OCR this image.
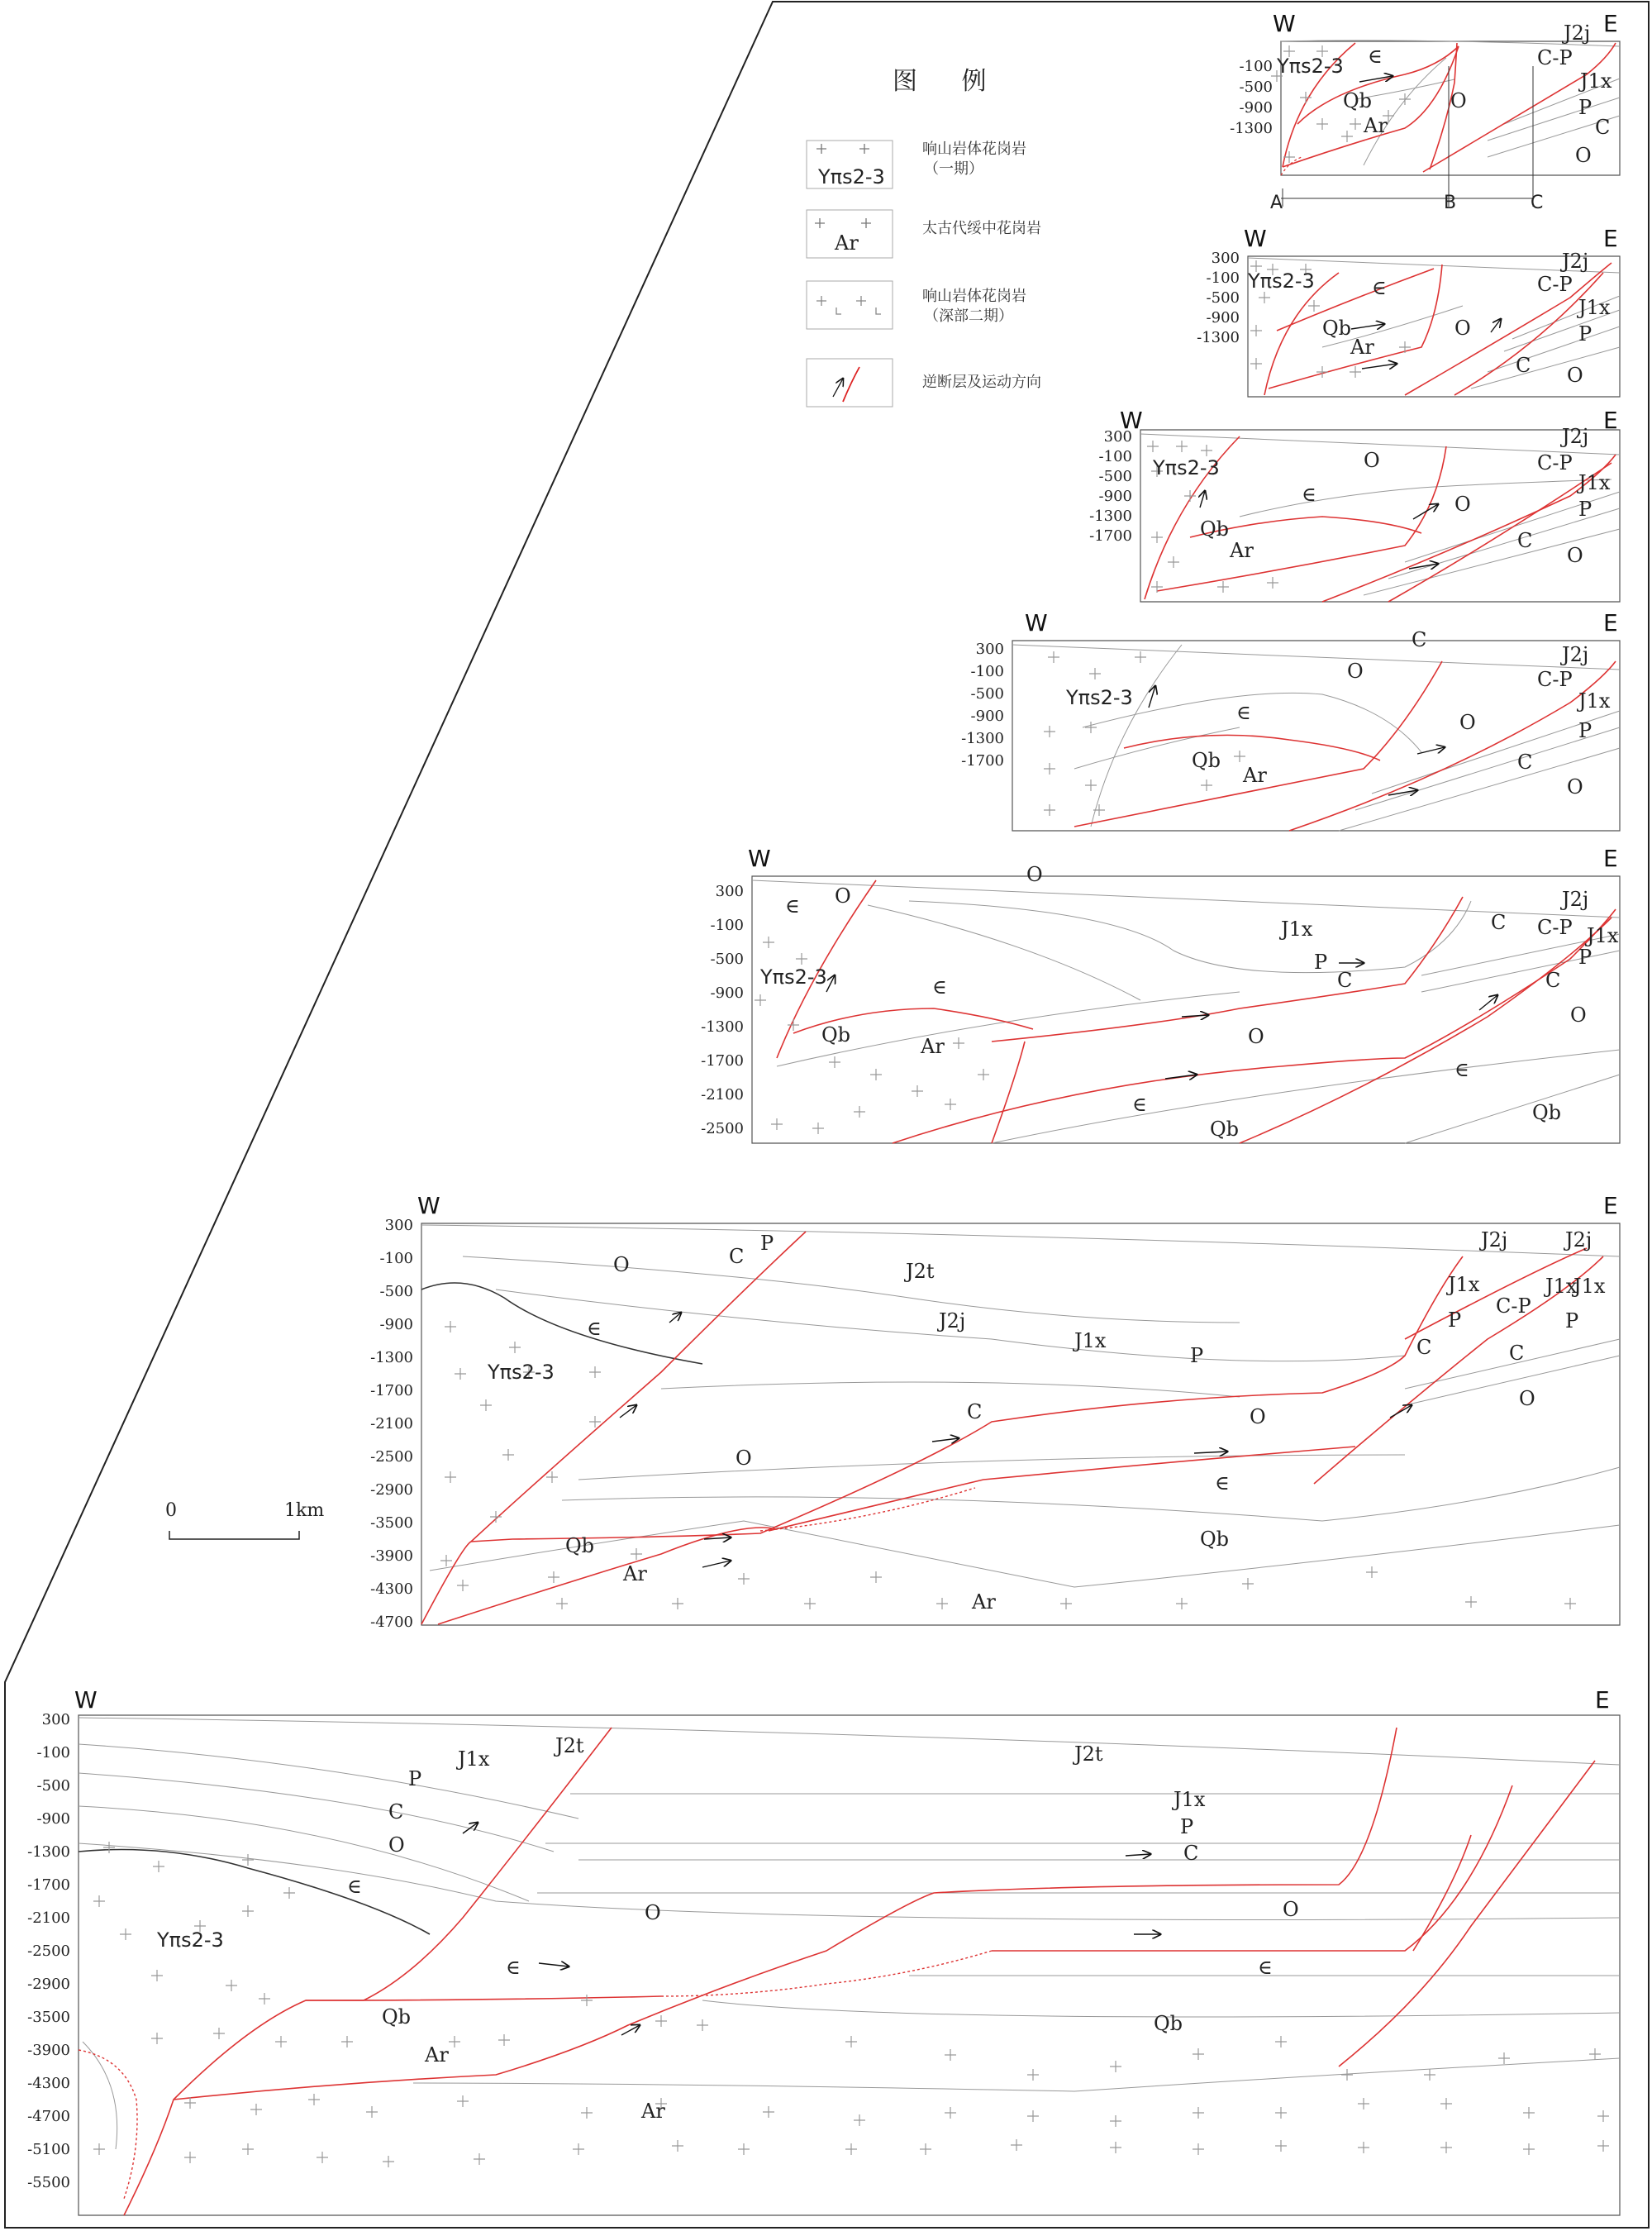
图 例
Yπs2-3
响山岩体花岗岩
（一期）
Ar
太古代绥中花岗岩
响山岩体花岗岩
（深部二期）
逆断层及运动方向
0	1km
-100
-500
-900
-1300
300
-100
-500
-900
-1300
300
-100
-500
-900
-1300
-1700
300
-100
-500
-900
-1300
-1700
300
-100
-500
-900
-1300
-1700
-2100
-2500
300
-100
-500
-900
-1300
-1700
-2100
-2500
-2900
-3500
-3900
-4300
-4700
300
-100
-500
-900
-1300
-1700
-2100
-2500
-2900
-3500
-3900
-4300
-4700
-5100
-5500
W	E
Yπs2-3 ∈
Qb
Ar
O
C-P
J2j
J1x
P
C
O
W	E
Yπs2-3	∈
Qb
Ar
O
C-P
J2j
J1x
P
C O
W	E
Yπs2-3	O
∈
Qb
Ar
O
C-P
J2j
J1x
P
C
O
W	E
Yπs2-3
O
C
∈
Qb
Ar
O
C-P
J2j
J1x
P
C
O
W	E
∈ O
Yπs2-3
O
∈
Qb	Ar
J1x
P
C
C C-P
J2j
J1x
P
C
O
O
∈
Qb
∈
Qb
W	E
O	C
P
J2t
J2j
J1x
P
∈
Yπs2-3
C
O
O
∈
Qb
Ar
Qb
Ar
J2j	J2j
J1x	J1x
J1x
P
C-P
P
C	C
O
W	E
J1x
J2t
P
C
O
∈
Yπs2-3
J2t
J1x
P
C
O
O
∈	∈
Qb
Ar
Qb
Ar
A	B	C
